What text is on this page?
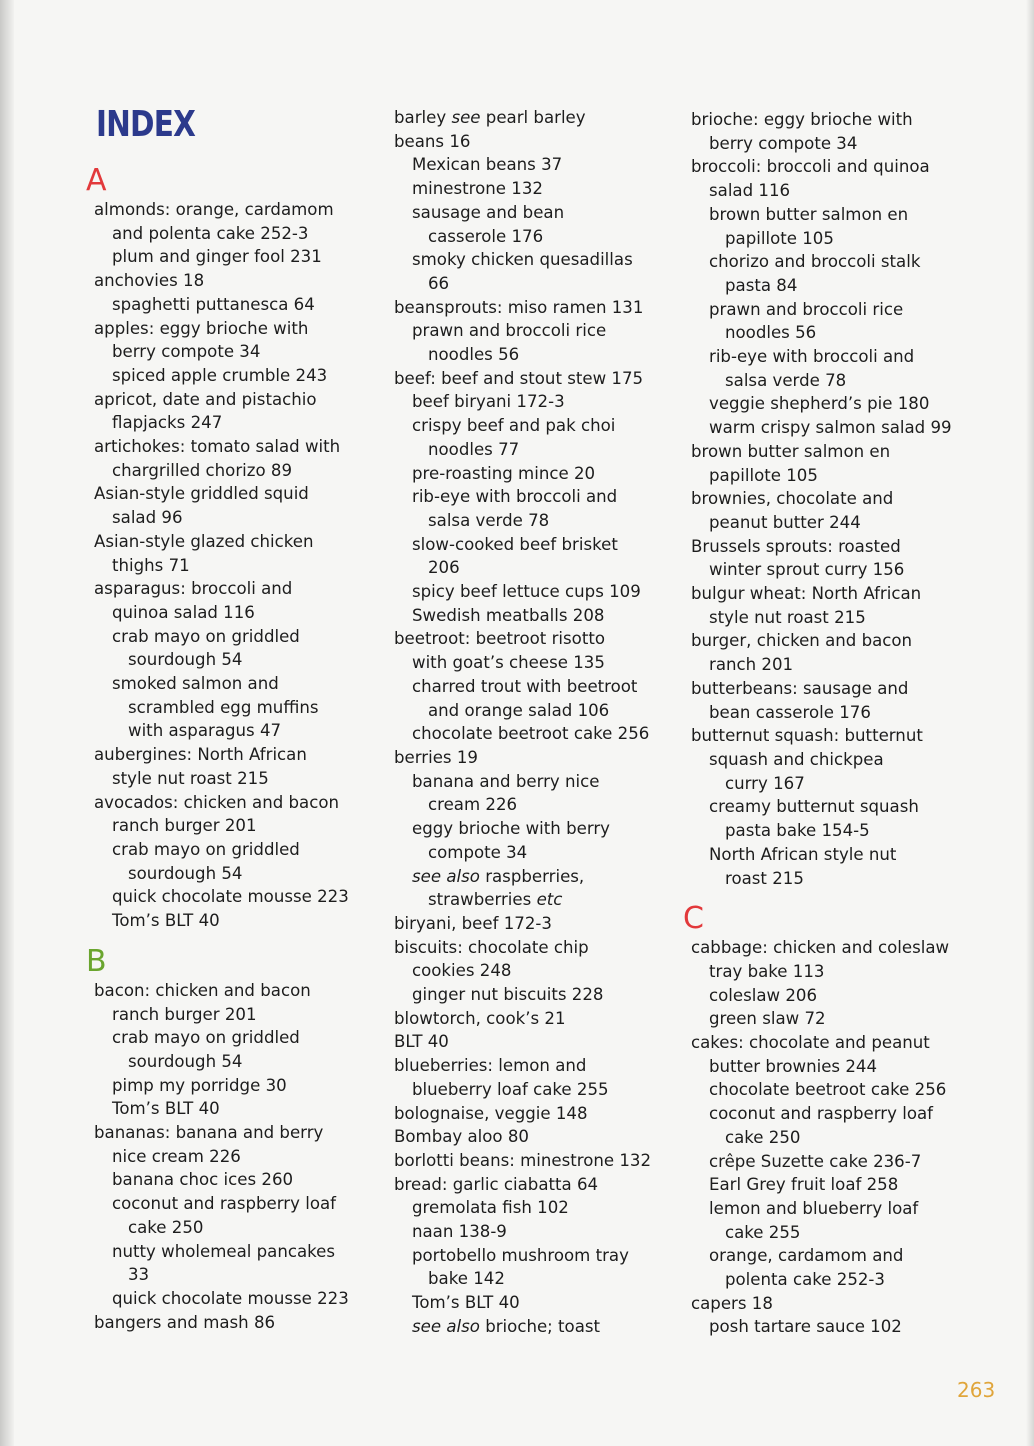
INDEX
A
almonds: orange, cardamom
and polenta cake 252-3
plum and ginger fool 231
anchovies 18
spaghetti puttanesca 64
apples: eggy brioche with
berry compote 34
spiced apple crumble 243
apricot, date and pistachio
flapjacks 247
artichokes: tomato salad with
chargrilled chorizo 89
Asian-style griddled squid
salad 96
Asian-style glazed chicken
thighs 71
asparagus: broccoli and
quinoa salad 116
crab mayo on griddled
sourdough 54
smoked salmon and
scrambled egg muffins
with asparagus 47
aubergines: North African
style nut roast 215
avocados: chicken and bacon
ranch burger 201
crab mayo on griddled
sourdough 54
quick chocolate mousse 223
Tom’s BLT 40
B
bacon: chicken and bacon
ranch burger 201
crab mayo on griddled
sourdough 54
pimp my porridge 30
Tom’s BLT 40
bananas: banana and berry
nice cream 226
banana choc ices 260
coconut and raspberry loaf
cake 250
nutty wholemeal pancakes
33
quick chocolate mousse 223
bangers and mash 86
barley see pearl barley
beans 16
Mexican beans 37
minestrone 132
sausage and bean
casserole 176
smoky chicken quesadillas
66
beansprouts: miso ramen 131
prawn and broccoli rice
noodles 56
beef: beef and stout stew 175
beef biryani 172-3
crispy beef and pak choi
noodles 77
pre-roasting mince 20
rib-eye with broccoli and
salsa verde 78
slow-cooked beef brisket
206
spicy beef lettuce cups 109
Swedish meatballs 208
beetroot: beetroot risotto
with goat’s cheese 135
charred trout with beetroot
and orange salad 106
chocolate beetroot cake 256
berries 19
banana and berry nice
cream 226
eggy brioche with berry
compote 34
see also raspberries,
strawberries etc
biryani, beef 172-3
biscuits: chocolate chip
cookies 248
ginger nut biscuits 228
blowtorch, cook’s 21
BLT 40
blueberries: lemon and
blueberry loaf cake 255
bolognaise, veggie 148
Bombay aloo 80
borlotti beans: minestrone 132
bread: garlic ciabatta 64
gremolata fish 102
naan 138-9
portobello mushroom tray
bake 142
Tom’s BLT 40
see also brioche; toast
brioche: eggy brioche with
berry compote 34
broccoli: broccoli and quinoa
salad 116
brown butter salmon en
papillote 105
chorizo and broccoli stalk
pasta 84
prawn and broccoli rice
noodles 56
rib-eye with broccoli and
salsa verde 78
veggie shepherd’s pie 180
warm crispy salmon salad 99
brown butter salmon en
papillote 105
brownies, chocolate and
peanut butter 244
Brussels sprouts: roasted
winter sprout curry 156
bulgur wheat: North African
style nut roast 215
burger, chicken and bacon
ranch 201
butterbeans: sausage and
bean casserole 176
butternut squash: butternut
squash and chickpea
curry 167
creamy butternut squash
pasta bake 154-5
North African style nut
roast 215
C
cabbage: chicken and coleslaw
tray bake 113
coleslaw 206
green slaw 72
cakes: chocolate and peanut
butter brownies 244
chocolate beetroot cake 256
coconut and raspberry loaf
cake 250
crêpe Suzette cake 236-7
Earl Grey fruit loaf 258
lemon and blueberry loaf
cake 255
orange, cardamom and
polenta cake 252-3
capers 18
posh tartare sauce 102
263
